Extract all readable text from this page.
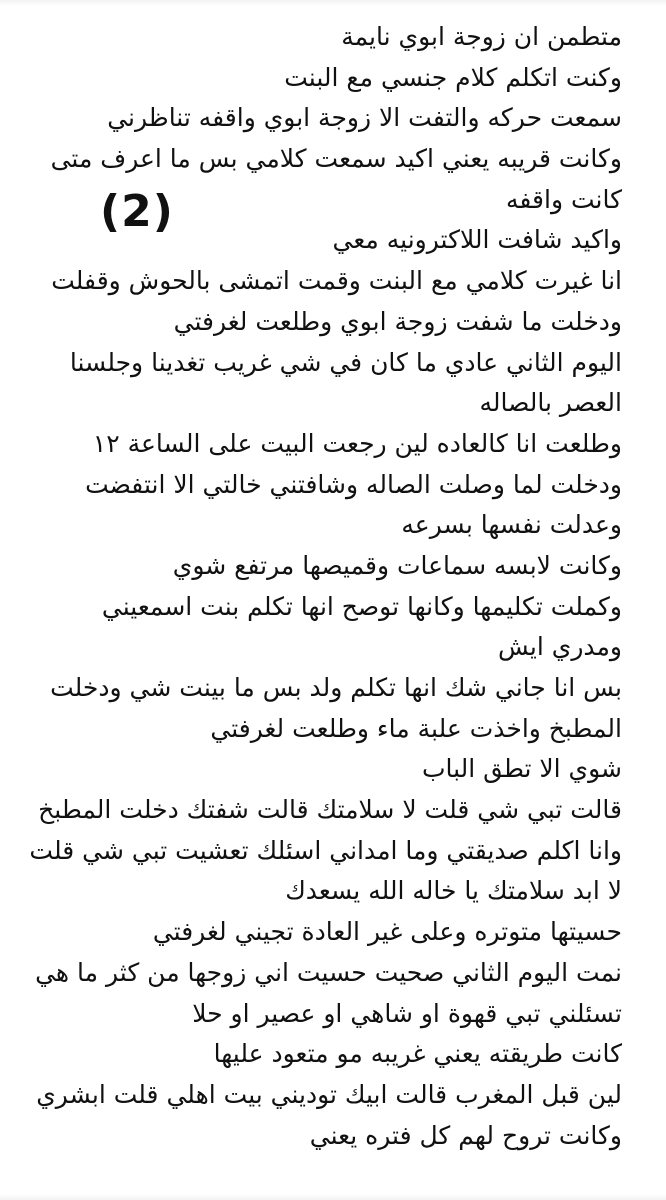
متطمن ان زوجة ابوي نايمة
وكنت اتكلم كلام جنسي مع البنت
سمعت حركه والتفت الا زوجة ابوي واقفه تناظرني
وكانت قريبه يعني اكيد سمعت كلامي بس ما اعرف متى
كانت واقفه
واكيد شافت اللاكترونيه معي
انا غيرت كلامي مع البنت وقمت اتمشى بالحوش وقفلت
ودخلت ما شفت زوجة ابوي وطلعت لغرفتي
اليوم الثاني عادي ما كان في شي غريب تغدينا وجلسنا
العصر بالصاله
وطلعت انا كالعاده لين رجعت البيت على الساعة ١٢
ودخلت لما وصلت الصاله وشافتني خالتي الا انتفضت
وعدلت نفسها بسرعه
وكانت لابسه سماعات وقميصها مرتفع شوي
وكملت تكليمها وكانها توصح انها تكلم بنت اسمعيني
ومدري ايش
بس انا جاني شك انها تكلم ولد بس ما بينت شي ودخلت
المطبخ واخذت علبة ماء وطلعت لغرفتي
شوي الا تطق الباب
قالت تبي شي قلت لا سلامتك قالت شفتك دخلت المطبخ
وانا اكلم صديقتي وما امداني اسئلك تعشيت تبي شي قلت
لا ابد سلامتك يا خاله الله يسعدك
حسيتها متوتره وعلى غير العادة تجيني لغرفتي
نمت اليوم الثاني صحيت حسيت اني زوجها من كثر ما هي
تسئلني تبي قهوة او شاهي او عصير او حلا
كانت طريقته يعني غريبه مو متعود عليها
لين قبل المغرب قالت ابيك توديني بيت اهلي قلت ابشري
وكانت تروح لهم كل فتره يعني
(2)
